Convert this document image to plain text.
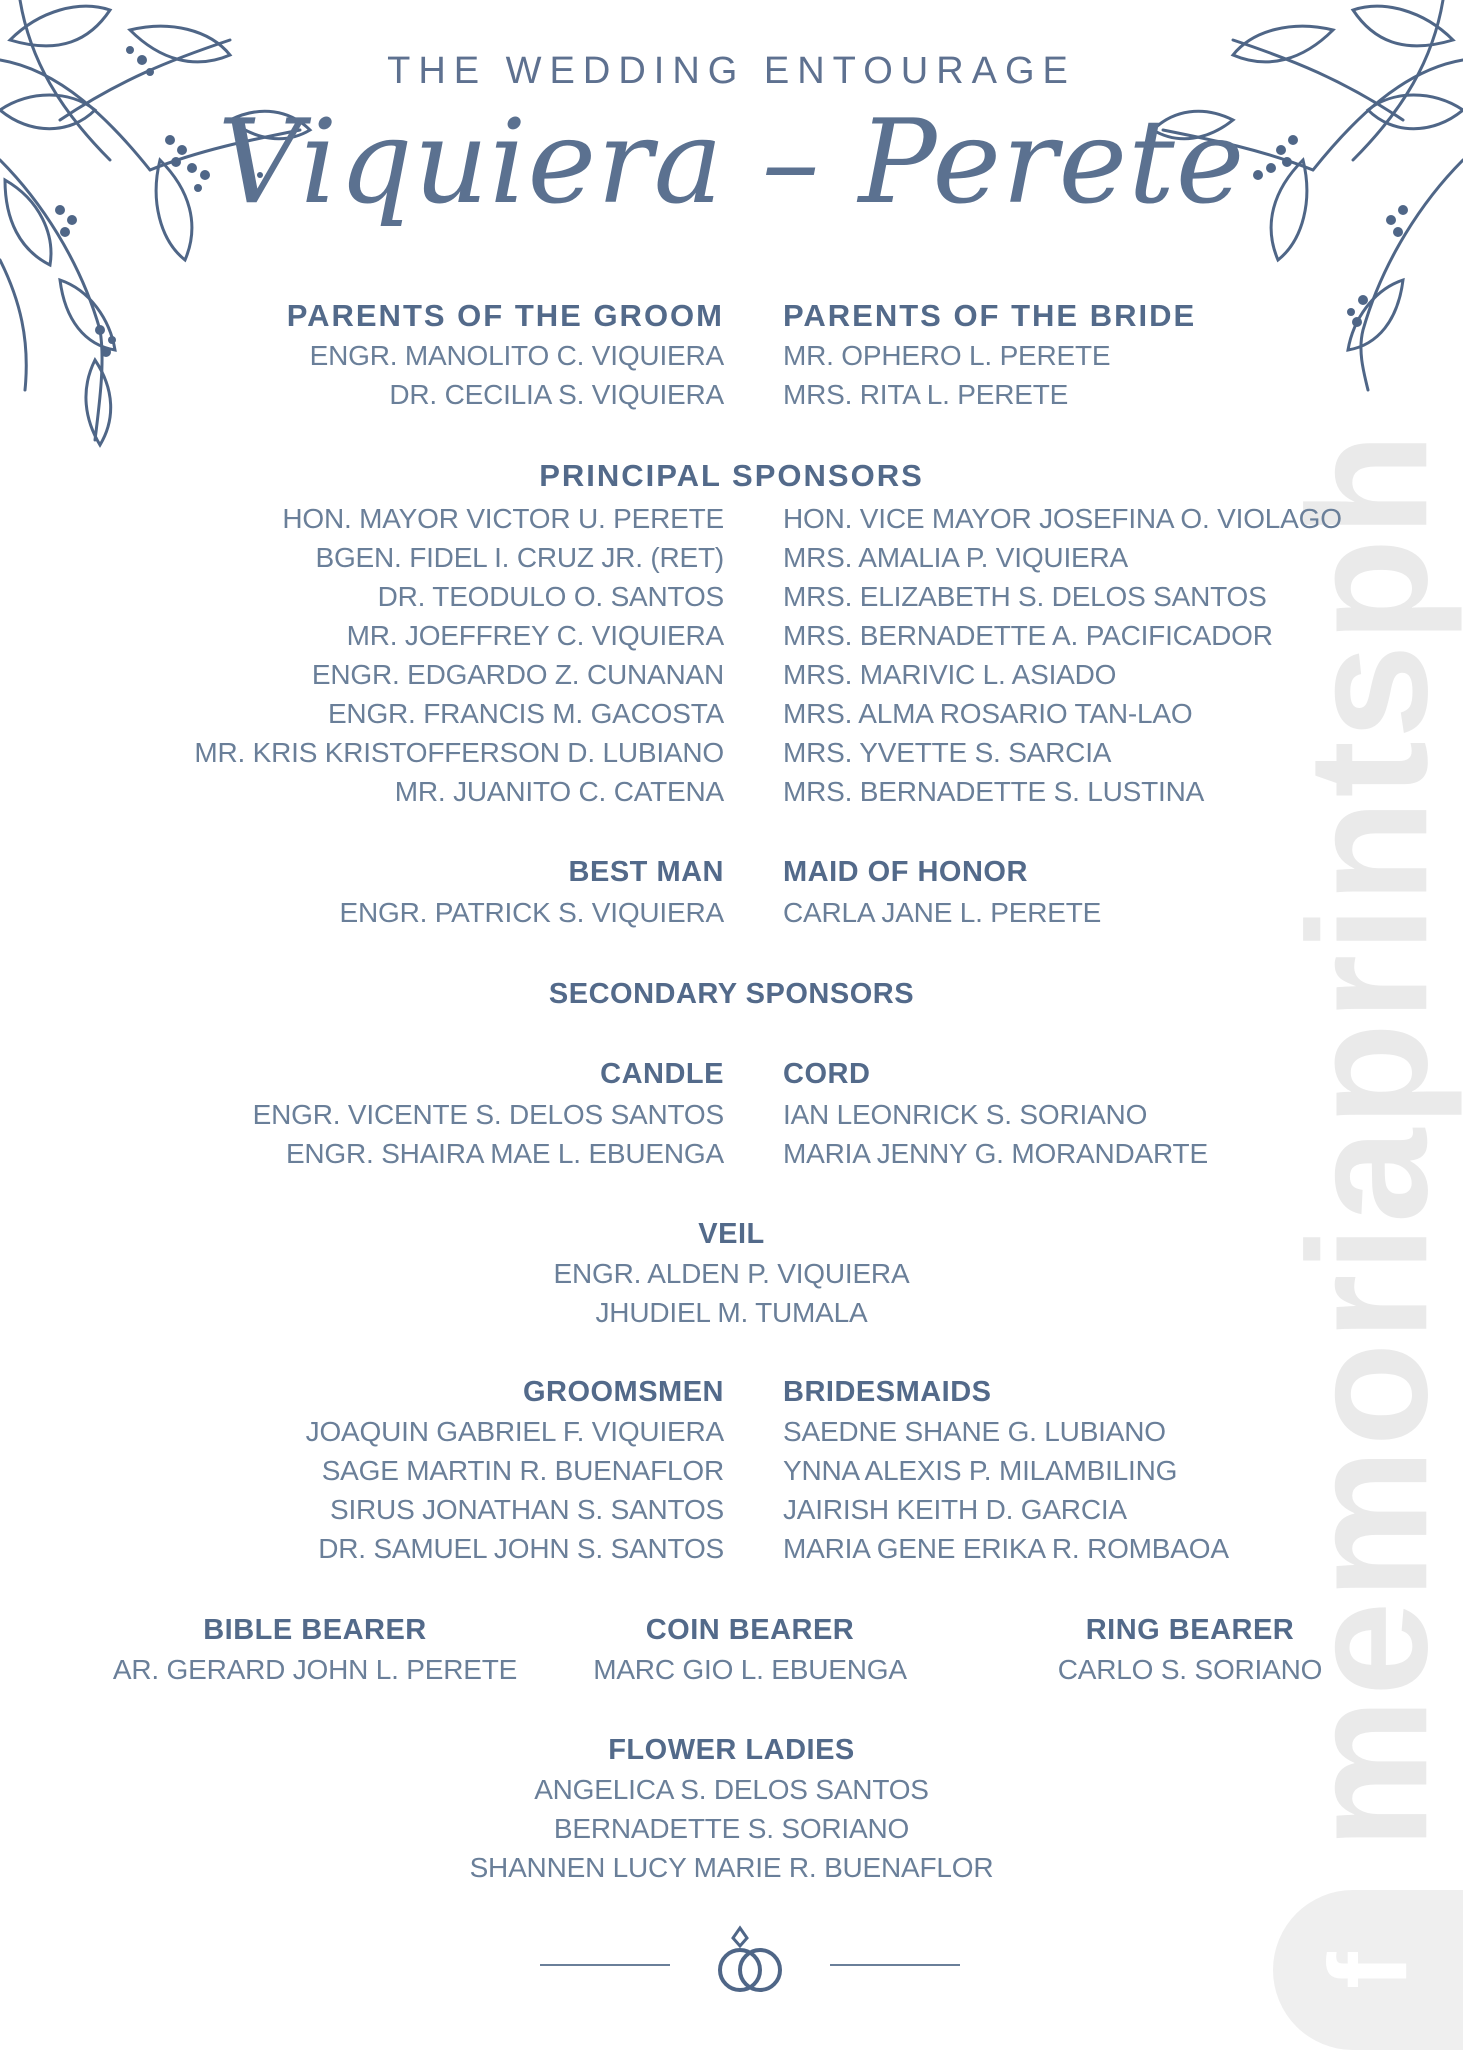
memoriaprintsph
f
THE WEDDING ENTOURAGE
Viquiera – Perete
PARENTS OF THE GROOM PARENTS OF THE BRIDE
ENGR. MANOLITO C. VIQUIERA
DR. CECILIA S. VIQUIERA
MR. OPHERO L. PERETE
MRS. RITA L. PERETE
PRINCIPAL SPONSORS
HON. MAYOR VICTOR U. PERETE
BGEN. FIDEL I. CRUZ JR. (RET)
DR. TEODULO O. SANTOS
MR. JOEFFREY C. VIQUIERA
ENGR. EDGARDO Z. CUNANAN
ENGR. FRANCIS M. GACOSTA
MR. KRIS KRISTOFFERSON D. LUBIANO
MR. JUANITO C. CATENA
HON. VICE MAYOR JOSEFINA O. VIOLAGO
MRS. AMALIA P. VIQUIERA
MRS. ELIZABETH S. DELOS SANTOS
MRS. BERNADETTE A. PACIFICADOR
MRS. MARIVIC L. ASIADO
MRS. ALMA ROSARIO TAN-LAO
MRS. YVETTE S. SARCIA
MRS. BERNADETTE S. LUSTINA
BEST MAN MAID OF HONOR
ENGR. PATRICK S. VIQUIERA CARLA JANE L. PERETE
SECONDARY SPONSORS
CANDLE CORD
ENGR. VICENTE S. DELOS SANTOS
ENGR. SHAIRA MAE L. EBUENGA
IAN LEONRICK S. SORIANO
MARIA JENNY G. MORANDARTE
VEIL
ENGR. ALDEN P. VIQUIERA
JHUDIEL M. TUMALA
GROOMSMEN BRIDESMAIDS
JOAQUIN GABRIEL F. VIQUIERA
SAGE MARTIN R. BUENAFLOR
SIRUS JONATHAN S. SANTOS
DR. SAMUEL JOHN S. SANTOS
SAEDNE SHANE G. LUBIANO
YNNA ALEXIS P. MILAMBILING
JAIRISH KEITH D. GARCIA
MARIA GENE ERIKA R. ROMBAOA
BIBLE BEARER
AR. GERARD JOHN L. PERETE
COIN BEARER
MARC GIO L. EBUENGA
RING BEARER
CARLO S. SORIANO
FLOWER LADIES
ANGELICA S. DELOS SANTOS
BERNADETTE S. SORIANO
SHANNEN LUCY MARIE R. BUENAFLOR
